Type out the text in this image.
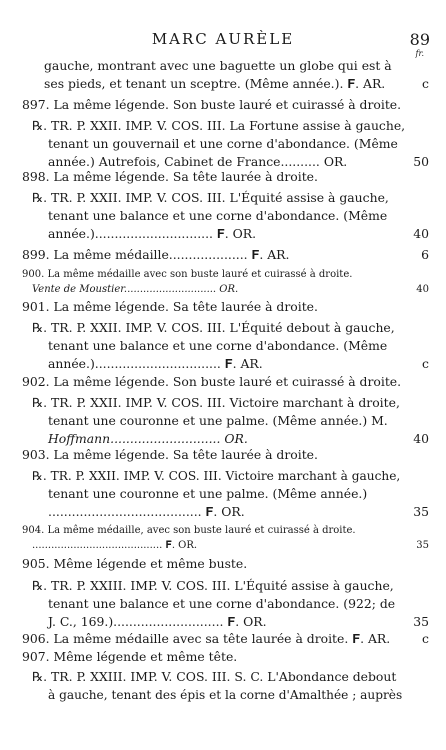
MARC AURÈLE	89
fr.
gauche, montrant avec une baguette un globe qui est à
ses pieds, et tenant un sceptre. (Même année.). 𝐅. AR.	c
897. La même légende. Son buste lauré et cuirassé à droite.
℞. TR. P. XXII. IMP. V. COS. III. La Fortune assise à gauche,
tenant un gouvernail et une corne d'abondance. (Même
année.) Autrefois, Cabinet de France.......... OR.	50
898. La même légende. Sa tête laurée à droite.
℞. TR. P. XXII. IMP. V. COS. III. L'Équité assise à gauche,
tenant une balance et une corne d'abondance. (Même
année.).............................. 𝐅. OR.	40
899. La même médaille.................... 𝐅. AR.	6
900. La même médaille avec son buste lauré et cuirassé à droite.
Vente de Moustier............................. OR.	40
901. La même légende. Sa tête laurée à droite.
℞. TR. P. XXII. IMP. V. COS. III. L'Équité debout à gauche,
tenant une balance et une corne d'abondance. (Même
année.)................................ 𝐅. AR.	c
902. La même légende. Son buste lauré et cuirassé à droite.
℞. TR. P. XXII. IMP. V. COS. III. Victoire marchant à droite,
tenant une couronne et une palme. (Même année.) M.
Hoffmann............................ OR.	40
903. La même légende. Sa tête laurée à droite.
℞. TR. P. XXII. IMP. V. COS. III. Victoire marchant à gauche,
tenant une couronne et une palme. (Même année.)
....................................... 𝐅. OR.	35
904. La même médaille, avec son buste lauré et cuirassé à droite.
......................................... 𝐅. OR.	35
905. Même légende et même buste.
℞. TR. P. XXIII. IMP. V. COS. III. L'Équité assise à gauche,
tenant une balance et une corne d'abondance. (922; de
J. C., 169.)............................ 𝐅. OR.	35
906. La même médaille avec sa tête laurée à droite. 𝐅. AR.	c
907. Même légende et même tête.
℞. TR. P. XXIII. IMP. V. COS. III. S. C. L'Abondance debout
à gauche, tenant des épis et la corne d'Amalthée ; auprès
